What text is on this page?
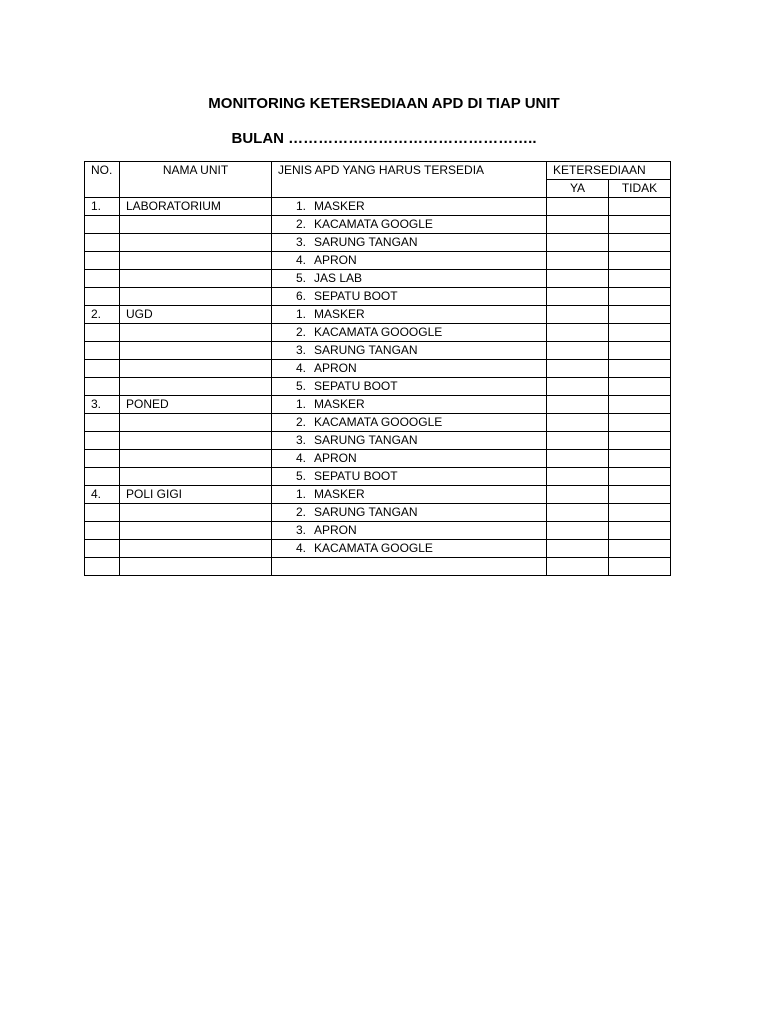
MONITORING KETERSEDIAAN APD DI TIAP UNIT
BULAN …………………………………………..
NO.	NAMA UNIT	JENIS APD YANG HARUS TERSEDIA	KETERSEDIAAN	
			YA	TIDAK
1.	LABORATORIUM	1. MASKER		
		2. KACAMATA GOOGLE		
		3. SARUNG TANGAN		
		4. APRON		
		5. JAS LAB		
		6. SEPATU BOOT		
2.	UGD	1. MASKER		
		2. KACAMATA GOOOGLE		
		3. SARUNG TANGAN		
		4. APRON		
		5. SEPATU BOOT		
3.	PONED	1. MASKER		
		2. KACAMATA GOOOGLE		
		3. SARUNG TANGAN		
		4. APRON		
		5. SEPATU BOOT		
4.	POLI GIGI	1. MASKER		
		2. SARUNG TANGAN		
		3. APRON		
		4. KACAMATA GOOGLE		
